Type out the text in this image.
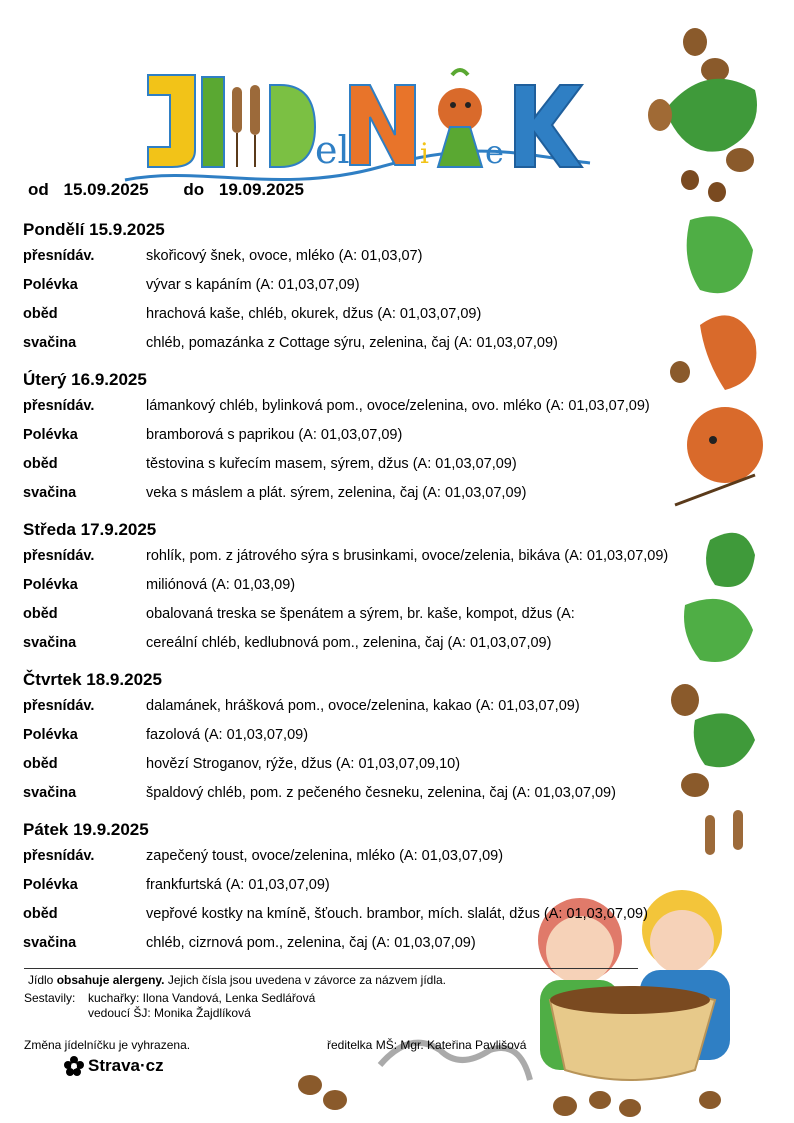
el	i e
od 15.09.2025 do 19.09.2025
Pondělí 15.9.2025
přesnídáv.	skořicový šnek, ovoce, mléko (A: 01,03,07)
Polévka	vývar s kapáním (A: 01,03,07,09)
oběd	hrachová kaše, chléb, okurek, džus (A: 01,03,07,09)
svačina	chléb, pomazánka z Cottage sýru, zelenina, čaj (A: 01,03,07,09)
Úterý 16.9.2025
přesnídáv.	lámankový chléb, bylinková pom., ovoce/zelenina, ovo. mléko (A: 01,03,07,09)
Polévka	bramborová s paprikou (A: 01,03,07,09)
oběd	těstovina s kuřecím masem, sýrem, džus (A: 01,03,07,09)
svačina	veka s máslem a plát. sýrem, zelenina, čaj (A: 01,03,07,09)
Středa 17.9.2025
přesnídáv.	rohlík, pom. z játrového sýra s brusinkami, ovoce/zelenia, bikáva (A: 01,03,07,09)
Polévka	miliónová (A: 01,03,09)
oběd	obalovaná treska se špenátem a sýrem, br. kaše, kompot, džus (A:
svačina	cereální chléb, kedlubnová pom., zelenina, čaj (A: 01,03,07,09)
Čtvrtek 18.9.2025
přesnídáv.	dalamánek, hrášková pom., ovoce/zelenina, kakao (A: 01,03,07,09)
Polévka	fazolová (A: 01,03,07,09)
oběd	hovězí Stroganov, rýže, džus (A: 01,03,07,09,10)
svačina	špaldový chléb, pom. z pečeného česneku, zelenina, čaj (A: 01,03,07,09)
Pátek 19.9.2025
přesnídáv.	zapečený toust, ovoce/zelenina, mléko (A: 01,03,07,09)
Polévka	frankfurtská (A: 01,03,07,09)
oběd	vepřové kostky na kmíně, šťouch. brambor, mích. slalát, džus (A: 01,03,07,09)
svačina	chléb, cizrnová pom., zelenina, čaj (A: 01,03,07,09)
Jídlo obsahuje alergeny. Jejich čísla jsou uvedena v závorce za názvem jídla.
Sestavily:	kuchařky: Ilona Vandová, Lenka Sedlářová
vedoucí ŠJ: Monika Žajdlíková
Změna jídelníčku je vyhrazena.	ředitelka MŠ: Mgr. Kateřina Pavlišová
Strava·cz
